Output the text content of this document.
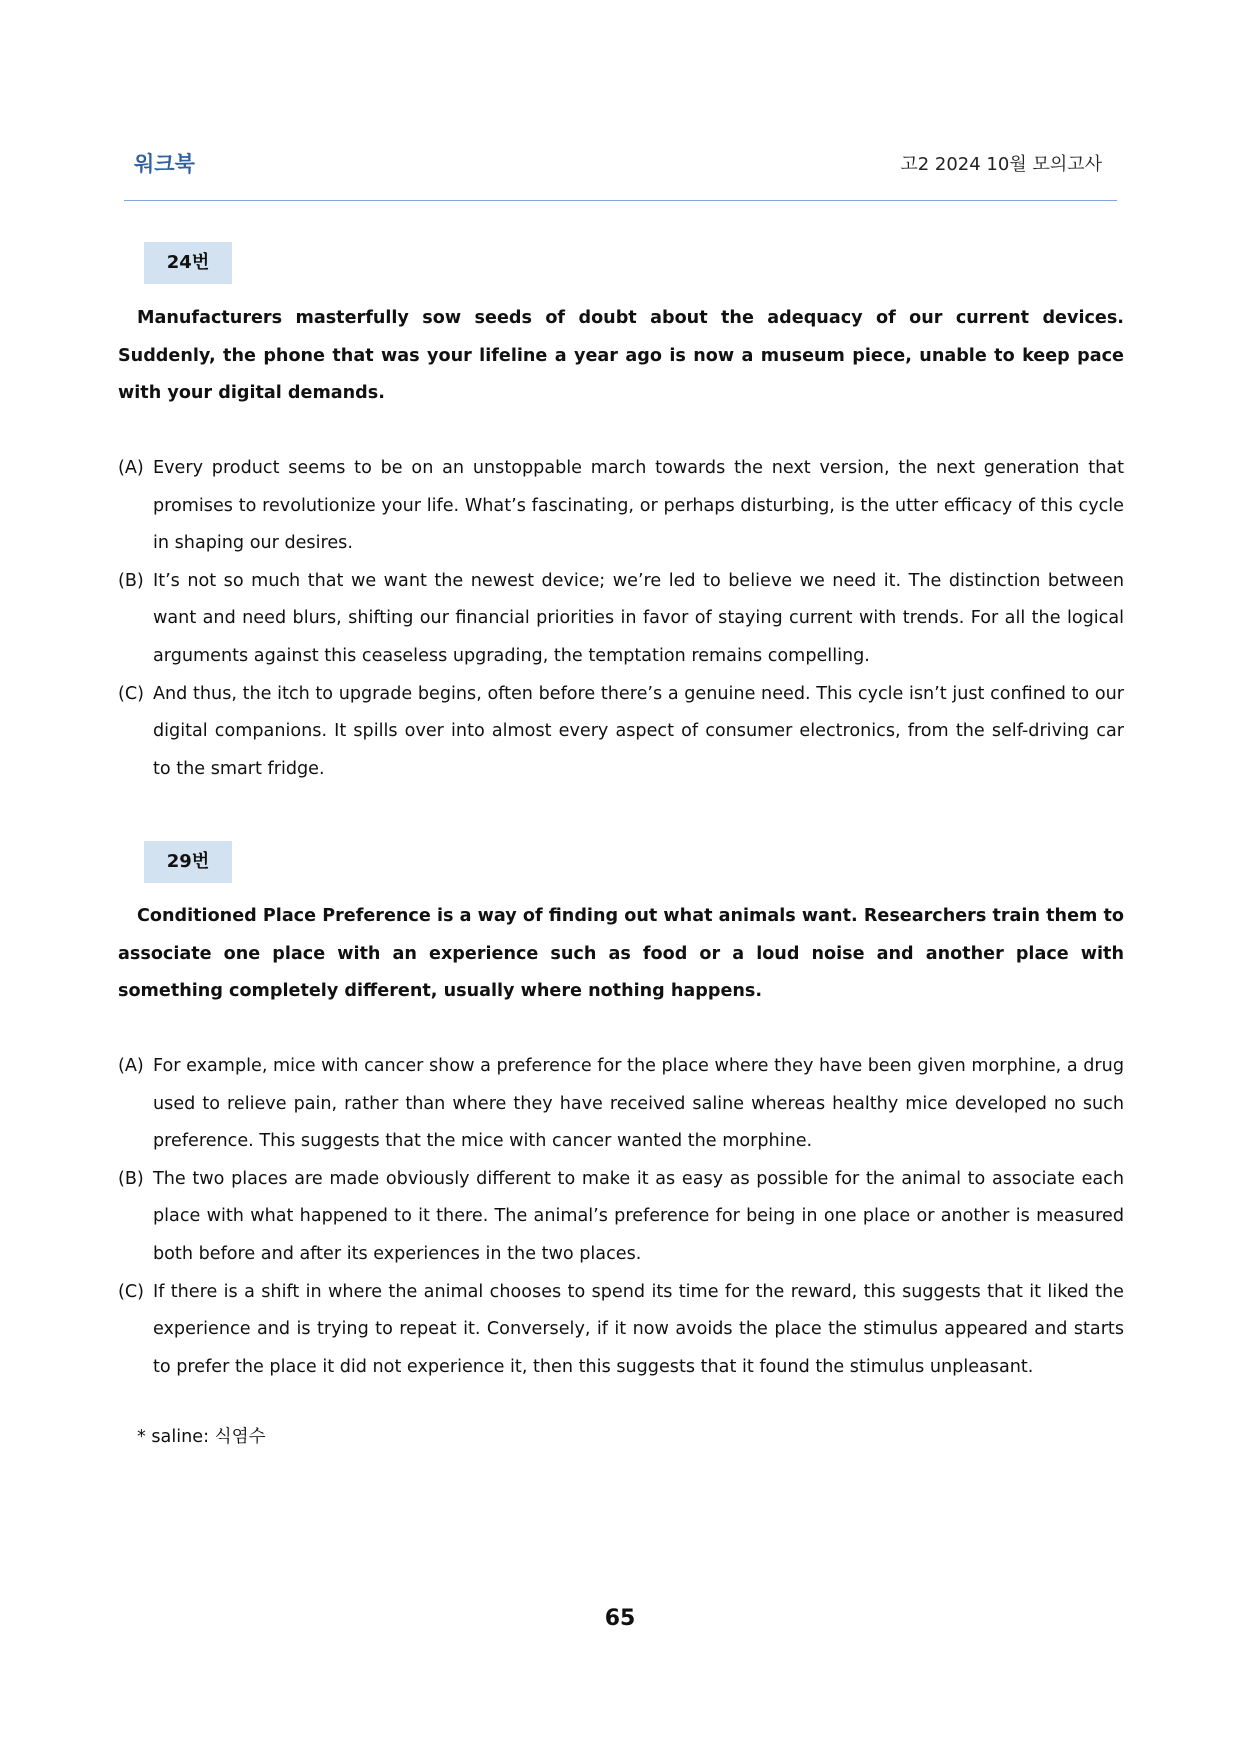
워크북	고2 2024 10월 모의고사
24번

Manufacturers masterfully sow seeds of doubt about the adequacy of our current devices. Suddenly, the phone that was your lifeline a year ago is now a museum piece, unable to keep pace with your digital demands.

(A) Every product seems to be on an unstoppable march towards the next version, the next generation that promises to revolutionize your life. What’s fascinating, or perhaps disturbing, is the utter efficacy of this cycle in shaping our desires.
(B) It’s not so much that we want the newest device; we’re led to believe we need it. The distinction between want and need blurs, shifting our financial priorities in favor of staying current with trends. For all the logical arguments against this ceaseless upgrading, the temptation remains compelling.
(C) And thus, the itch to upgrade begins, often before there’s a genuine need. This cycle isn’t just confined to our digital companions. It spills over into almost every aspect of consumer electronics, from the self-driving car to the smart fridge.
29번

Conditioned Place Preference is a way of finding out what animals want. Researchers train them to associate one place with an experience such as food or a loud noise and another place with something completely different, usually where nothing happens.

(A) For example, mice with cancer show a preference for the place where they have been given morphine, a drug used to relieve pain, rather than where they have received saline whereas healthy mice developed no such preference. This suggests that the mice with cancer wanted the morphine.
(B) The two places are made obviously different to make it as easy as possible for the animal to associate each place with what happened to it there. The animal’s preference for being in one place or another is measured both before and after its experiences in the two places.
(C) If there is a shift in where the animal chooses to spend its time for the reward, this suggests that it liked the experience and is trying to repeat it. Conversely, if it now avoids the place the stimulus appeared and starts to prefer the place it did not experience it, then this suggests that it found the stimulus unpleasant.
* saline: 식염수
65
